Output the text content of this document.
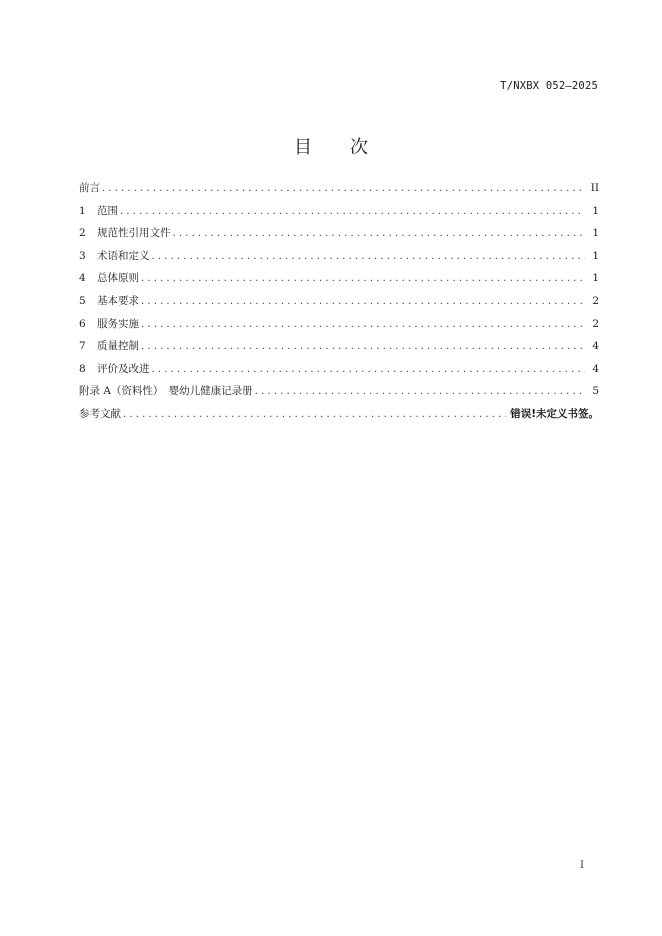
T/NXBX 052—2025
目 次
前言 . . .	II
1 范围 . . .	1
2 规范性引用文件 . . .	1
3 术语和定义 . . .	1
4 总体原则 . . .	1
5 基本要求 . . .	2
6 服务实施 . . .	2
7 质量控制 . . .	4
8 评价及改进 . . .	4
附录 A（资料性）　婴幼儿健康记录册 . . .	5
参考文献 . . .	错误!未定义书签。
I
